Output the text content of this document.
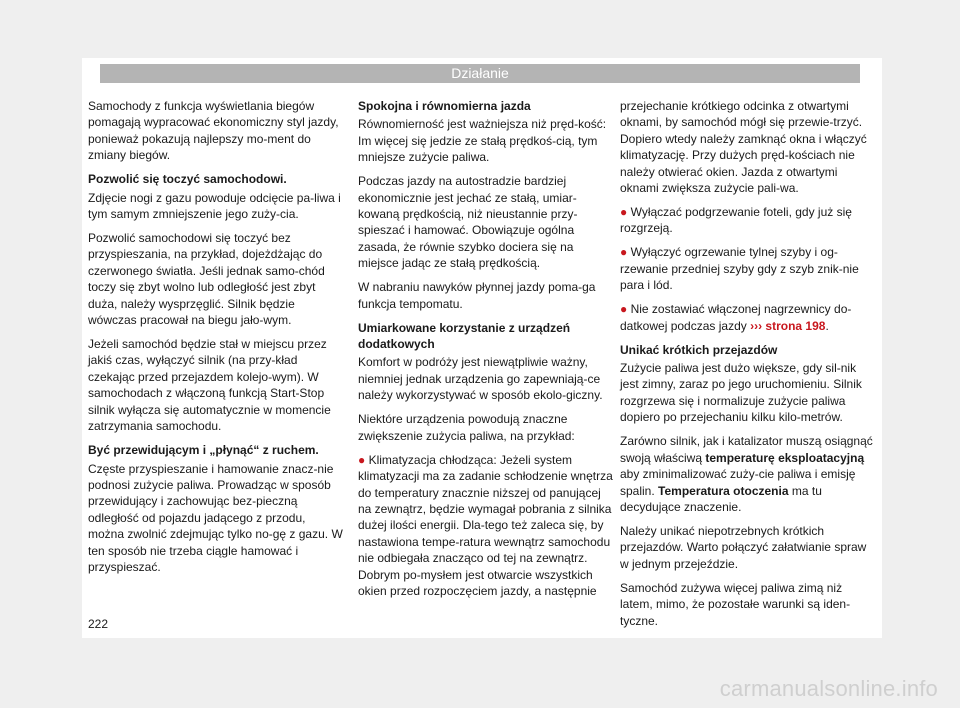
Działanie

Samochody z funkcja wyświetlania biegów pomagają wypracować ekonomiczny styl jazdy, ponieważ pokazują najlepszy mo-ment do zmiany biegów.

Pozwolić się toczyć samochodowi.

Zdjęcie nogi z gazu powoduje odcięcie pa-liwa i tym samym zmniejszenie jego zuży-cia.

Pozwolić samochodowi się toczyć bez przyspieszania, na przykład, dojeżdżając do czerwonego światła. Jeśli jednak samo-chód toczy się zbyt wolno lub odległość jest zbyt duża, należy wysprzęglić. Silnik będzie wówczas pracował na biegu jało-wym.

Jeżeli samochód będzie stał w miejscu przez jakiś czas, wyłączyć silnik (na przy-kład czekając przed przejazdem kolejo-wym). W samochodach z włączoną funkcją Start-Stop silnik wyłącza się automatycznie w momencie zatrzymania samochodu.

Być przewidującym i „płynąć“ z ruchem.

Częste przyspieszanie i hamowanie znacz-nie podnosi zużycie paliwa. Prowadząc w sposób przewidujący i zachowując bez-pieczną odległość od pojazdu jadącego z przodu, można zwolnić zdejmując tylko no-gę z gazu. W ten sposób nie trzeba ciągle hamować i przyspieszać.

Spokojna i równomierna jazda

Równomierność jest ważniejsza niż pręd-kość: Im więcej się jedzie ze stałą prędkoś-cią, tym mniejsze zużycie paliwa.

Podczas jazdy na autostradzie bardziej ekonomicznie jest jechać ze stałą, umiar-kowaną prędkością, niż nieustannie przy-spieszać i hamować. Obowiązuje ogólna zasada, że równie szybko dociera się na miejsce jadąc ze stałą prędkością.

W nabraniu nawyków płynnej jazdy poma-ga funkcja tempomatu.

Umiarkowane korzystanie z urządzeń dodatkowych

Komfort w podróży jest niewątpliwie ważny, niemniej jednak urządzenia go zapewniają-ce należy wykorzystywać w sposób ekolo-giczny.

Niektóre urządzenia powodują znaczne zwiększenie zużycia paliwa, na przykład:

● Klimatyzacja chłodząca: Jeżeli system klimatyzacji ma za zadanie schłodzenie wnętrza do temperatury znacznie niższej od panującej na zewnątrz, będzie wymagał pobrania z silnika dużej ilości energii. Dla-tego też zaleca się, by nastawiona tempe-ratura wewnątrz samochodu nie odbiegała znacząco od tej na zewnątrz. Dobrym po-mysłem jest otwarcie wszystkich okien przed rozpoczęciem jazdy, a następnie

przejechanie krótkiego odcinka z otwartymi oknami, by samochód mógł się przewie-trzyć. Dopiero wtedy należy zamknąć okna i włączyć klimatyzację. Przy dużych pręd-kościach nie należy otwierać okien. Jazda z otwartymi oknami zwiększa zużycie pali-wa.

● Wyłączać podgrzewanie foteli, gdy już się rozgrzeją.

● Wyłączyć ogrzewanie tylnej szyby i og-rzewanie przedniej szyby gdy z szyb znik-nie para i lód.

● Nie zostawiać włączonej nagrzewnicy do-datkowej podczas jazdy ››› strona 198.

Unikać krótkich przejazdów

Zużycie paliwa jest dużo większe, gdy sil-nik jest zimny, zaraz po jego uruchomieniu. Silnik rozgrzewa się i normalizuje zużycie paliwa dopiero po przejechaniu kilku kilo-metrów.

Zarówno silnik, jak i katalizator muszą osiągnąć swoją właściwą temperaturę eksploatacyjną aby zminimalizować zuży-cie paliwa i emisję spalin. Temperatura otoczenia ma tu decydujące znaczenie.

Należy unikać niepotrzebnych krótkich przejazdów. Warto połączyć załatwianie spraw w jednym przejeździe.

Samochód zużywa więcej paliwa zimą niż latem, mimo, że pozostałe warunki są iden-tyczne.

222
carmanualsonline.info
